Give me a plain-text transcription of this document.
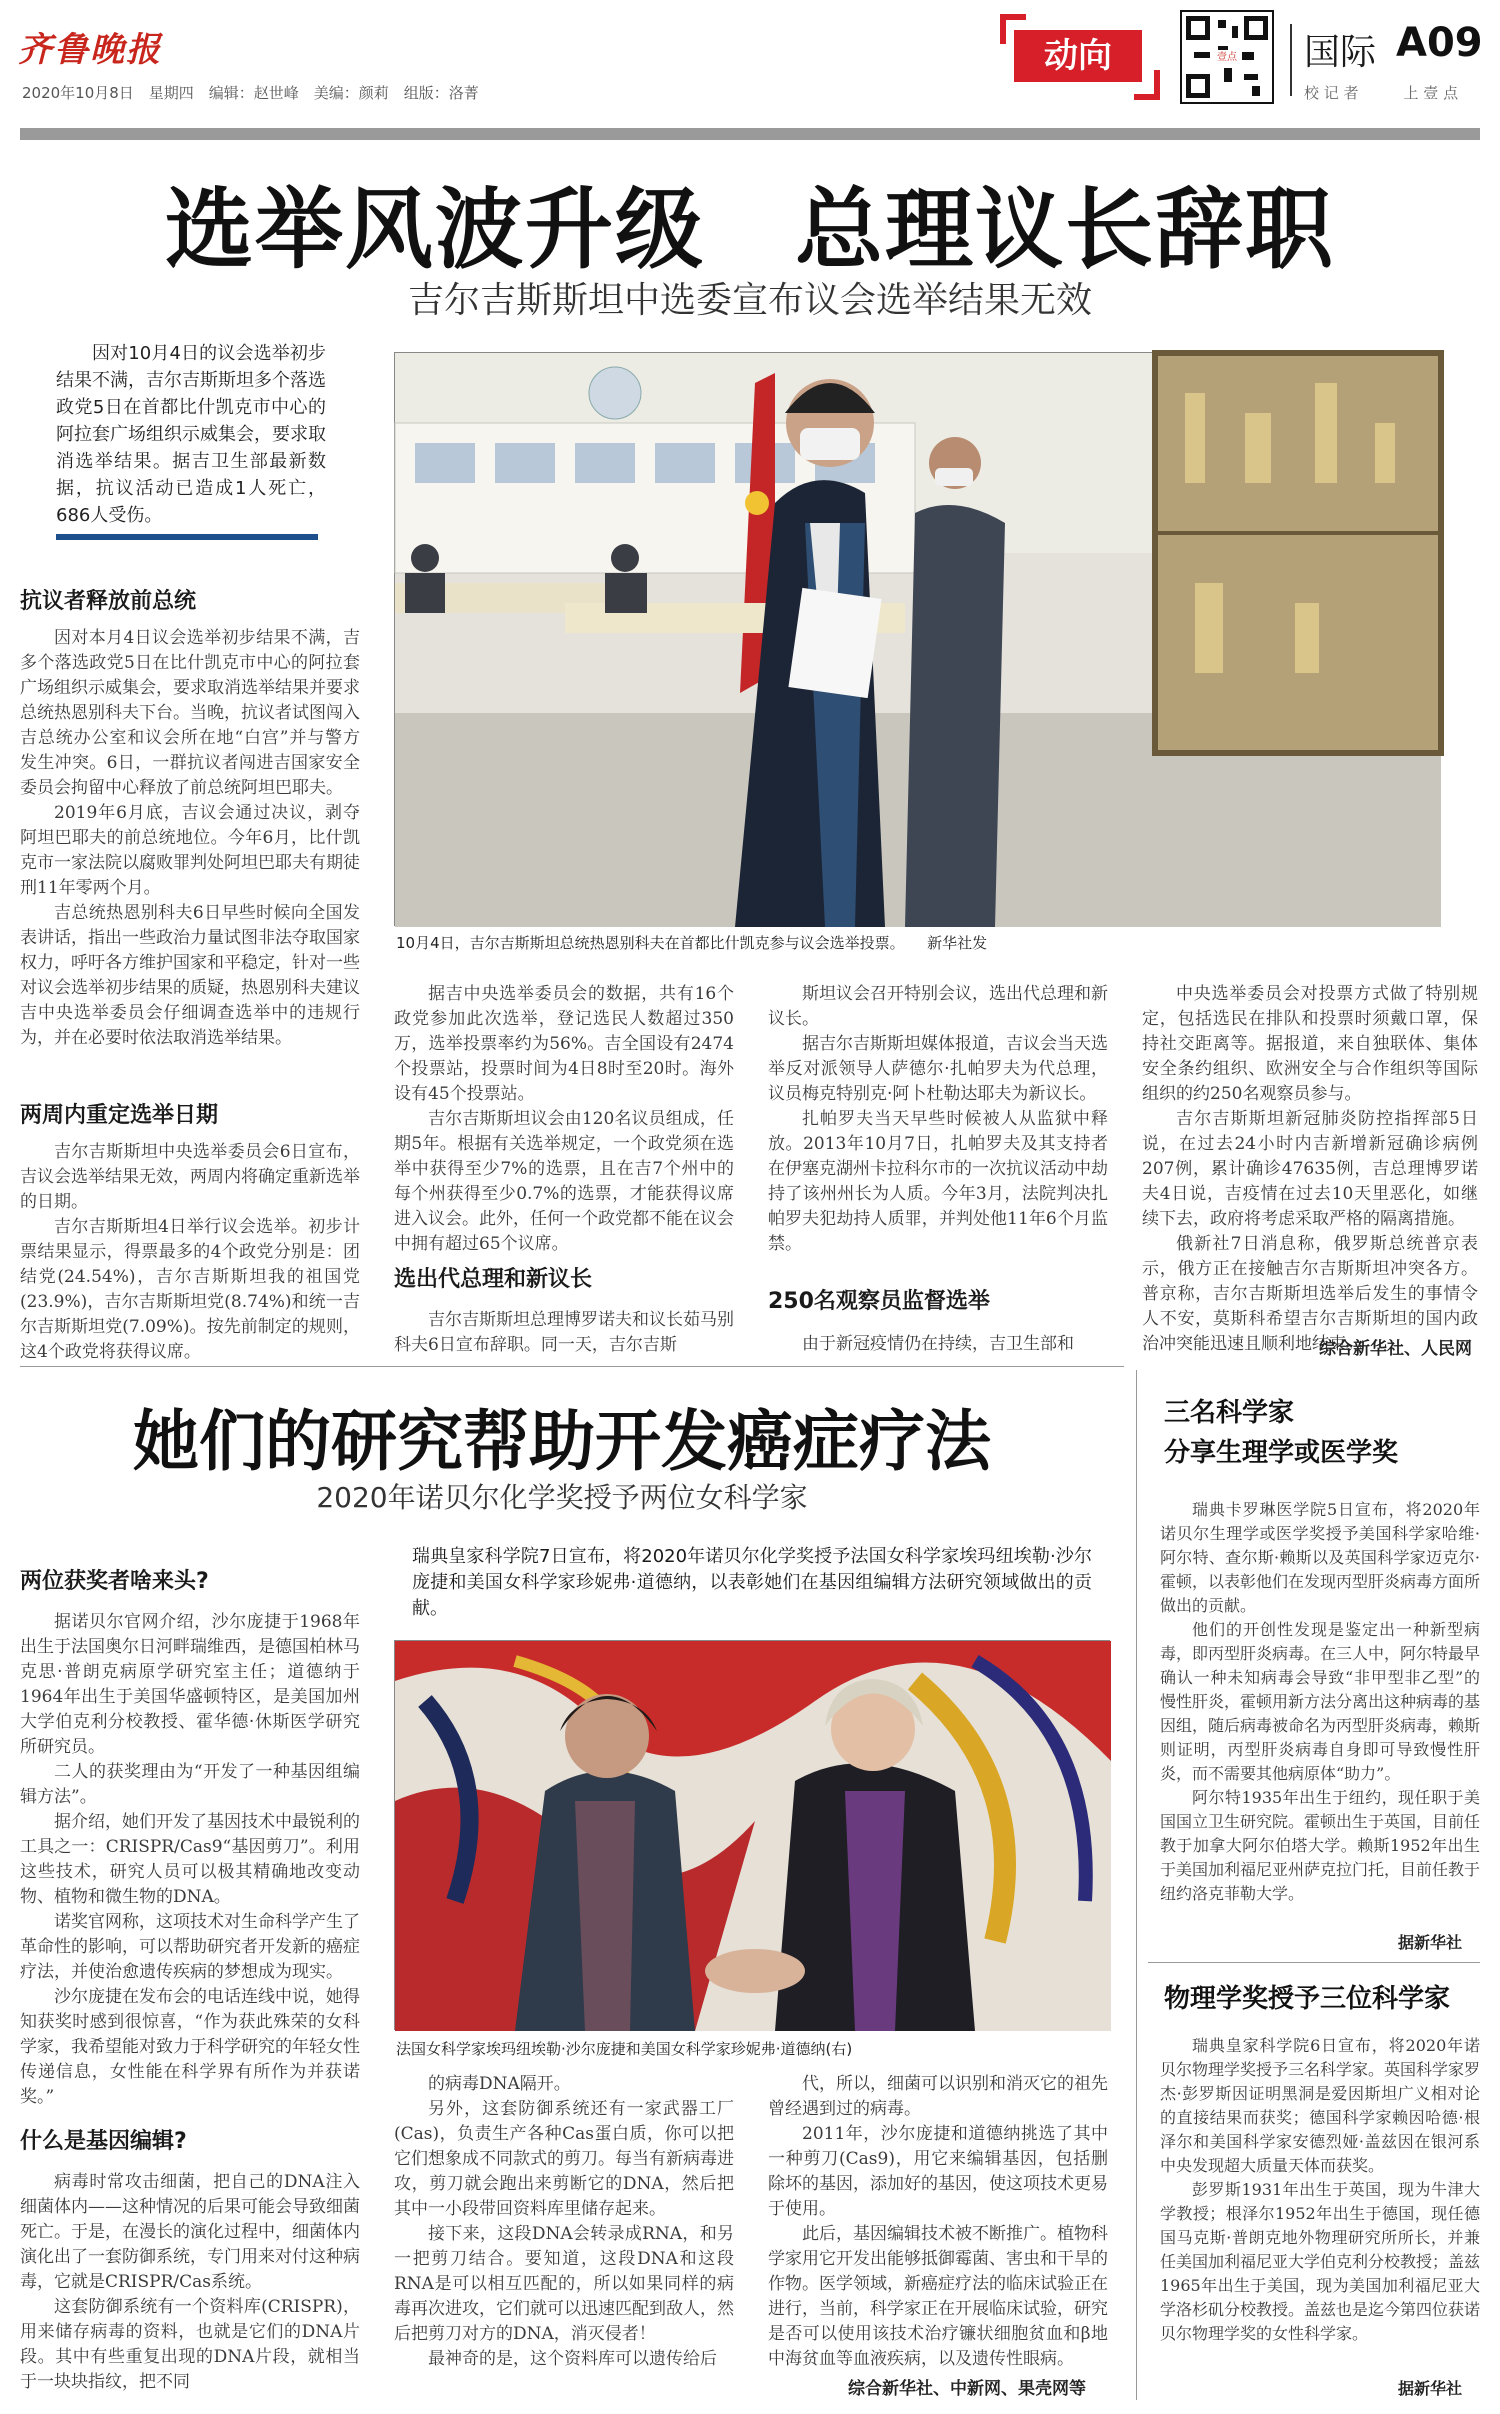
齐鲁晚报
2020年10月8日　星期四　编辑：赵世峰　美编：颜莉　组版：洛菁
动向	壹点 国际 A09
校 记 者　　　上 壹 点
选举风波升级　总理议长辞职
吉尔吉斯斯坦中选委宣布议会选举结果无效
因对10月4日的议会选举初步结果不满，吉尔吉斯斯坦多个落选政党5日在首都比什凯克市中心的阿拉套广场组织示威集会，要求取消选举结果。据吉卫生部最新数据，抗议活动已造成1人死亡，686人受伤。
10月4日，吉尔吉斯斯坦总统热恩别科夫在首都比什凯克参与议会选举投票。　　新华社发
抗议者释放前总统

因对本月4日议会选举初步结果不满，吉多个落选政党5日在比什凯克市中心的阿拉套广场组织示威集会，要求取消选举结果并要求总统热恩别科夫下台。当晚，抗议者试图闯入吉总统办公室和议会所在地“白宫”并与警方发生冲突。6日，一群抗议者闯进吉国家安全委员会拘留中心释放了前总统阿坦巴耶夫。

2019年6月底，吉议会通过决议，剥夺阿坦巴耶夫的前总统地位。今年6月，比什凯克市一家法院以腐败罪判处阿坦巴耶夫有期徒刑11年零两个月。

吉总统热恩别科夫6日早些时候向全国发表讲话，指出一些政治力量试图非法夺取国家权力，呼吁各方维护国家和平稳定，针对一些对议会选举初步结果的质疑，热恩别科夫建议吉中央选举委员会仔细调查选举中的违规行为，并在必要时依法取消选举结果。

两周内重定选举日期

吉尔吉斯斯坦中央选举委员会6日宣布，吉议会选举结果无效，两周内将确定重新选举的日期。

吉尔吉斯斯坦4日举行议会选举。初步计票结果显示，得票最多的4个政党分别是：团结党(24.54%)，吉尔吉斯斯坦我的祖国党(23.9%)，吉尔吉斯斯坦党(8.74%)和统一吉尔吉斯斯坦党(7.09%)。按先前制定的规则，这4个政党将获得议席。

据吉中央选举委员会的数据，共有16个政党参加此次选举，登记选民人数超过350万，选举投票率约为56%。吉全国设有2474个投票站，投票时间为4日8时至20时。海外设有45个投票站。

吉尔吉斯斯坦议会由120名议员组成，任期5年。根据有关选举规定，一个政党须在选举中获得至少7%的选票，且在吉7个州中的每个州获得至少0.7%的选票，才能获得议席进入议会。此外，任何一个政党都不能在议会中拥有超过65个议席。

选出代总理和新议长

吉尔吉斯斯坦总理博罗诺夫和议长茹马别科夫6日宣布辞职。同一天，吉尔吉斯

斯坦议会召开特别会议，选出代总理和新议长。

据吉尔吉斯斯坦媒体报道，吉议会当天选举反对派领导人萨德尔·扎帕罗夫为代总理，议员梅克特别克·阿卜杜勒达耶夫为新议长。

扎帕罗夫当天早些时候被人从监狱中释放。2013年10月7日，扎帕罗夫及其支持者在伊塞克湖州卡拉科尔市的一次抗议活动中劫持了该州州长为人质。今年3月，法院判决扎帕罗夫犯劫持人质罪，并判处他11年6个月监禁。

250名观察员监督选举

由于新冠疫情仍在持续，吉卫生部和

中央选举委员会对投票方式做了特别规定，包括选民在排队和投票时须戴口罩，保持社交距离等。据报道，来自独联体、集体安全条约组织、欧洲安全与合作组织等国际组织的约250名观察员参与。

吉尔吉斯斯坦新冠肺炎防控指挥部5日说，在过去24小时内吉新增新冠确诊病例207例，累计确诊47635例，吉总理博罗诺夫4日说，吉疫情在过去10天里恶化，如继续下去，政府将考虑采取严格的隔离措施。

俄新社7日消息称，俄罗斯总统普京表示，俄方正在接触吉尔吉斯斯坦冲突各方。普京称，吉尔吉斯斯坦选举后发生的事情令人不安，莫斯科希望吉尔吉斯斯坦的国内政治冲突能迅速且顺利地结束。

综合新华社、人民网
她们的研究帮助开发癌症疗法
2020年诺贝尔化学奖授予两位女科学家
瑞典皇家科学院7日宣布，将2020年诺贝尔化学奖授予法国女科学家埃玛纽埃勒·沙尔庞捷和美国女科学家珍妮弗·道德纳，以表彰她们在基因组编辑方法研究领域做出的贡献。
法国女科学家埃玛纽埃勒·沙尔庞捷和美国女科学家珍妮弗·道德纳(右)
两位获奖者啥来头?

据诺贝尔官网介绍，沙尔庞捷于1968年出生于法国奥尔日河畔瑞维西，是德国柏林马克思·普朗克病原学研究室主任；道德纳于1964年出生于美国华盛顿特区，是美国加州大学伯克利分校教授、霍华德·休斯医学研究所研究员。

二人的获奖理由为“开发了一种基因组编辑方法”。

据介绍，她们开发了基因技术中最锐利的工具之一：CRISPR/Cas9“基因剪刀”。利用这些技术，研究人员可以极其精确地改变动物、植物和微生物的DNA。

诺奖官网称，这项技术对生命科学产生了革命性的影响，可以帮助研究者开发新的癌症疗法，并使治愈遗传疾病的梦想成为现实。

沙尔庞捷在发布会的电话连线中说，她得知获奖时感到很惊喜，“作为获此殊荣的女科学家，我希望能对致力于科学研究的年轻女性传递信息，女性能在科学界有所作为并获诺奖。”

什么是基因编辑?

病毒时常攻击细菌，把自己的DNA注入细菌体内——这种情况的后果可能会导致细菌死亡。于是，在漫长的演化过程中，细菌体内演化出了一套防御系统，专门用来对付这种病毒，它就是CRISPR/Cas系统。

这套防御系统有一个资料库(CRISPR)，用来储存病毒的资料，也就是它们的DNA片段。其中有些重复出现的DNA片段，就相当于一块块指纹，把不同

的病毒DNA隔开。

另外，这套防御系统还有一家武器工厂(Cas)，负责生产各种Cas蛋白质，你可以把它们想象成不同款式的剪刀。每当有新病毒进攻，剪刀就会跑出来剪断它的DNA，然后把其中一小段带回资料库里储存起来。

接下来，这段DNA会转录成RNA，和另一把剪刀结合。要知道，这段DNA和这段RNA是可以相互匹配的，所以如果同样的病毒再次进攻，它们就可以迅速匹配到敌人，然后把剪刀对方的DNA，消灭侵者！

最神奇的是，这个资料库可以遗传给后

代，所以，细菌可以识别和消灭它的祖先曾经遇到过的病毒。

2011年，沙尔庞捷和道德纳挑选了其中一种剪刀(Cas9)，用它来编辑基因，包括删除坏的基因，添加好的基因，使这项技术更易于使用。

此后，基因编辑技术被不断推广。植物科学家用它开发出能够抵御霉菌、害虫和干旱的作物。医学领域，新癌症疗法的临床试验正在进行，当前，科学家正在开展临床试验，研究是否可以使用该技术治疗镰状细胞贫血和β地中海贫血等血液疾病，以及遗传性眼病。

综合新华社、中新网、果壳网等
三名科学家
分享生理学或医学奖

瑞典卡罗琳医学院5日宣布，将2020年诺贝尔生理学或医学奖授予美国科学家哈维·阿尔特、查尔斯·赖斯以及英国科学家迈克尔·霍顿，以表彰他们在发现丙型肝炎病毒方面所做出的贡献。

他们的开创性发现是鉴定出一种新型病毒，即丙型肝炎病毒。在三人中，阿尔特最早确认一种未知病毒会导致“非甲型非乙型”的慢性肝炎，霍顿用新方法分离出这种病毒的基因组，随后病毒被命名为丙型肝炎病毒，赖斯则证明，丙型肝炎病毒自身即可导致慢性肝炎，而不需要其他病原体“助力”。

阿尔特1935年出生于纽约，现任职于美国国立卫生研究院。霍顿出生于英国，目前任教于加拿大阿尔伯塔大学。赖斯1952年出生于美国加利福尼亚州萨克拉门托，目前任教于纽约洛克菲勒大学。

据新华社
物理学奖授予三位科学家

瑞典皇家科学院6日宣布，将2020年诺贝尔物理学奖授予三名科学家。英国科学家罗杰·彭罗斯因证明黑洞是爱因斯坦广义相对论的直接结果而获奖；德国科学家赖因哈德·根泽尔和美国科学家安德烈娅·盖兹因在银河系中央发现超大质量天体而获奖。

彭罗斯1931年出生于英国，现为牛津大学教授；根泽尔1952年出生于德国，现任德国马克斯·普朗克地外物理研究所所长，并兼任美国加利福尼亚大学伯克利分校教授；盖兹1965年出生于美国，现为美国加利福尼亚大学洛杉矶分校教授。盖兹也是迄今第四位获诺贝尔物理学奖的女性科学家。

据新华社
